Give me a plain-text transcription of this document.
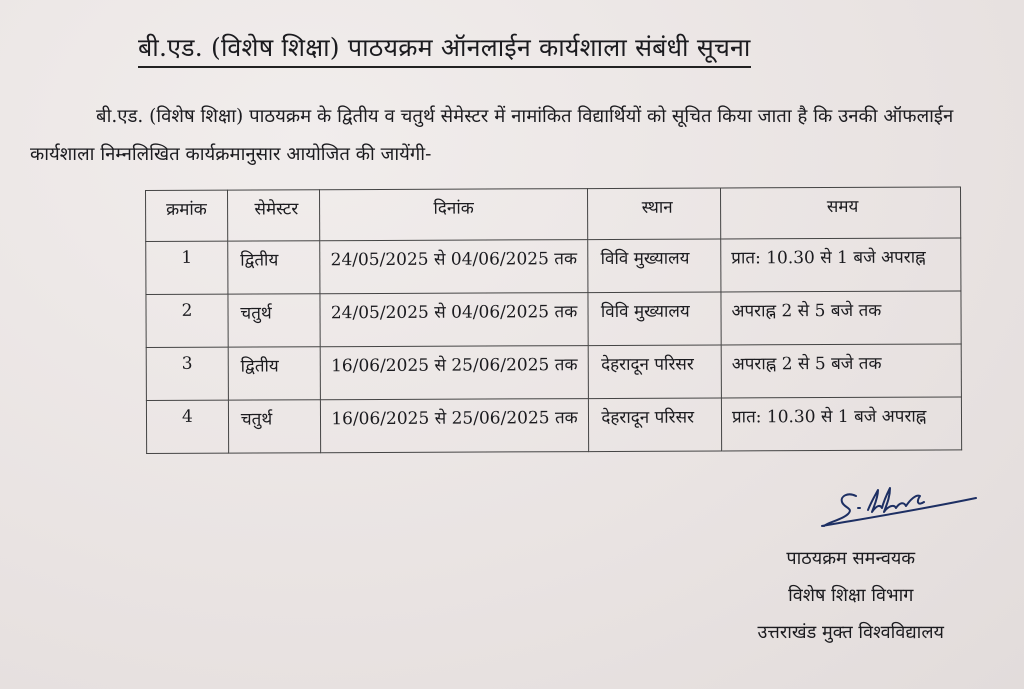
बी.एड. (विशेष शिक्षा) पाठयक्रम ऑनलाईन कार्यशाला संबंधी सूचना

बी.एड. (विशेष शिक्षा) पाठयक्रम के द्वितीय व चतुर्थ सेमेस्टर में नामांकित विद्यार्थियों को सूचित किया जाता है कि उनकी ऑफलाईन कार्यशाला निम्नलिखित कार्यक्रमानुसार आयोजित की जायेंगी-

क्रमांक	सेमेस्टर	दिनांक	स्थान	समय
1	द्वितीय	24/05/2025 से 04/06/2025 तक	विवि मुख्यालय	प्रात: 10.30 से 1 बजे अपराह्न
2	चतुर्थ	24/05/2025 से 04/06/2025 तक	विवि मुख्यालय	अपराह्न 2 से 5 बजे तक
3	द्वितीय	16/06/2025 से 25/06/2025 तक	देहरादून परिसर	अपराह्न 2 से 5 बजे तक
4	चतुर्थ	16/06/2025 से 25/06/2025 तक	देहरादून परिसर	प्रात: 10.30 से 1 बजे अपराह्न
पाठयक्रम समन्वयक
विशेष शिक्षा विभाग
उत्तराखंड मुक्त विश्वविद्यालय
